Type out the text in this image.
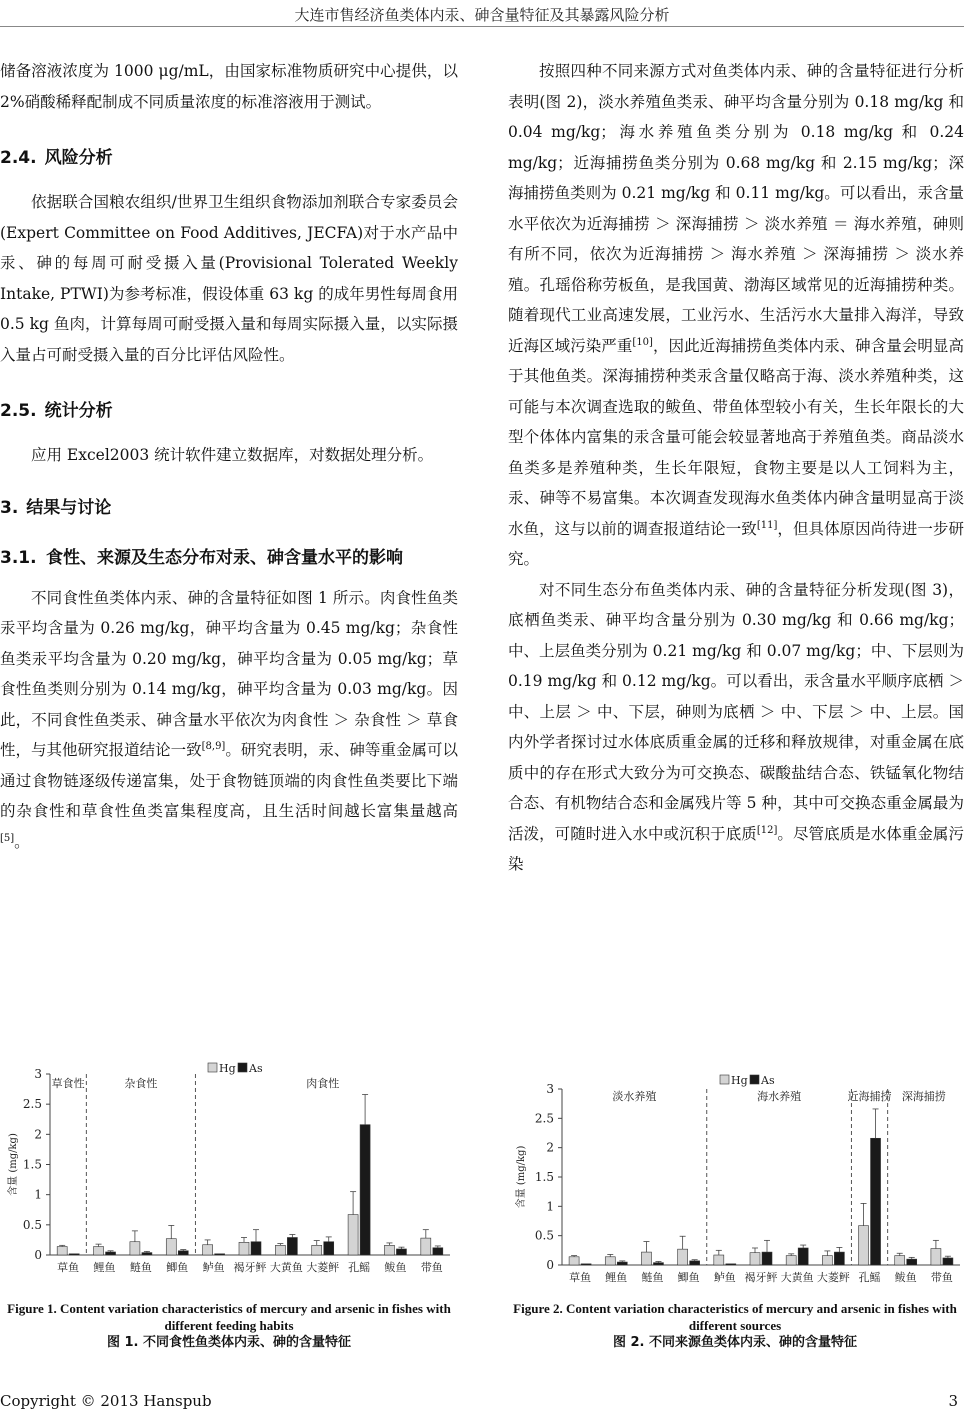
大连市售经济鱼类体内汞、砷含量特征及其暴露风险分析

储备溶液浓度为 1000 μg/mL，由国家标准物质研究中心提供，以 2%硝酸稀释配制成不同质量浓度的标准溶液用于测试。

2.4. 风险分析

依据联合国粮农组织/世界卫生组织食物添加剂联合专家委员会(Expert Committee on Food Additives, JECFA)对于水产品中汞、砷的每周可耐受摄入量(Provisional Tolerated Weekly Intake, PTWI)为参考标准，假设体重 63 kg 的成年男性每周食用 0.5 kg 鱼肉，计算每周可耐受摄入量和每周实际摄入量，以实际摄入量占可耐受摄入量的百分比评估风险性。

2.5. 统计分析

应用 Excel2003 统计软件建立数据库，对数据处理分析。

3. 结果与讨论
3.1. 食性、来源及生态分布对汞、砷含量水平的影响

不同食性鱼类体内汞、砷的含量特征如图 1 所示。肉食性鱼类汞平均含量为 0.26 mg/kg，砷平均含量为 0.45 mg/kg；杂食性鱼类汞平均含量为 0.20 mg/kg，砷平均含量为 0.05 mg/kg；草食性鱼类则分别为 0.14 mg/kg，砷平均含量为 0.03 mg/kg。因此，不同食性鱼类汞、砷含量水平依次为肉食性 ＞ 杂食性 ＞ 草食性，与其他研究报道结论一致[8,9]。研究表明，汞、砷等重金属可以通过食物链逐级传递富集，处于食物链顶端的肉食性鱼类要比下端的杂食性和草食性鱼类富集程度高，且生活时间越长富集量越高[5]。

按照四种不同来源方式对鱼类体内汞、砷的含量特征进行分析表明(图 2)，淡水养殖鱼类汞、砷平均含量分别为 0.18 mg/kg 和 0.04 mg/kg；海水养殖鱼类分别为 0.18 mg/kg 和 0.24 mg/kg；近海捕捞鱼类分别为 0.68 mg/kg 和 2.15 mg/kg；深海捕捞鱼类则为 0.21 mg/kg 和 0.11 mg/kg。可以看出，汞含量水平依次为近海捕捞 ＞ 深海捕捞 ＞ 淡水养殖 ＝ 海水养殖，砷则有所不同，依次为近海捕捞 ＞ 海水养殖 ＞ 深海捕捞 ＞ 淡水养殖。孔瑶俗称劳板鱼，是我国黄、渤海区域常见的近海捕捞种类。随着现代工业高速发展，工业污水、生活污水大量排入海洋，导致近海区域污染严重[10]，因此近海捕捞鱼类体内汞、砷含量会明显高于其他鱼类。深海捕捞种类汞含量仅略高于海、淡水养殖种类，这可能与本次调查选取的鲅鱼、带鱼体型较小有关，生长年限长的大型个体体内富集的汞含量可能会较显著地高于养殖鱼类。商品淡水鱼类多是养殖种类，生长年限短，食物主要是以人工饲料为主，汞、砷等不易富集。本次调查发现海水鱼类体内砷含量明显高于淡水鱼，这与以前的调查报道结论一致[11]，但具体原因尚待进一步研究。

对不同生态分布鱼类体内汞、砷的含量特征分析发现(图 3)，底栖鱼类汞、砷平均含量分别为 0.30 mg/kg 和 0.66 mg/kg；中、上层鱼类分别为 0.21 mg/kg 和 0.07 mg/kg；中、下层则为 0.19 mg/kg 和 0.12 mg/kg。可以看出，汞含量水平顺序底栖 ＞ 中、上层 ＞ 中、下层，砷则为底栖 ＞ 中、下层 ＞ 中、上层。国内外学者探讨过水体底质重金属的迁移和释放规律，对重金属在底质中的存在形式大致分为可交换态、碳酸盐结合态、铁锰氧化物结合态、有机物结合态和金属残片等 5 种，其中可交换态重金属最为活泼，可随时进入水中或沉积于底质[12]。尽管底质是水体重金属污染

0
0.5
1
1.5
2
2.5
3
含量 (mg/kg)
草鱼 鲤鱼 鲢鱼 鲫鱼 鲈鱼 褐牙鲆 大黄鱼 大菱鲆 孔鳐 鲅鱼 带鱼
草食性	杂食性	肉食性
Hg As
0
0.5
1
1.5
2
2.5
3
含量 (mg/kg)
草鱼 鲤鱼 鲢鱼 鲫鱼 鲈鱼 褐牙鲆 大黄鱼 大菱鲆 孔鳐 鲅鱼 带鱼
淡水养殖	海水养殖	近海捕捞 深海捕捞
Hg As
Figure 1. Content variation characteristics of mercury and arsenic in fishes with different feeding habits
图 1. 不同食性鱼类体内汞、砷的含量特征
Figure 2. Content variation characteristics of mercury and arsenic in fishes with different sources
图 2. 不同来源鱼类体内汞、砷的含量特征
Copyright © 2013 Hanspub	3
